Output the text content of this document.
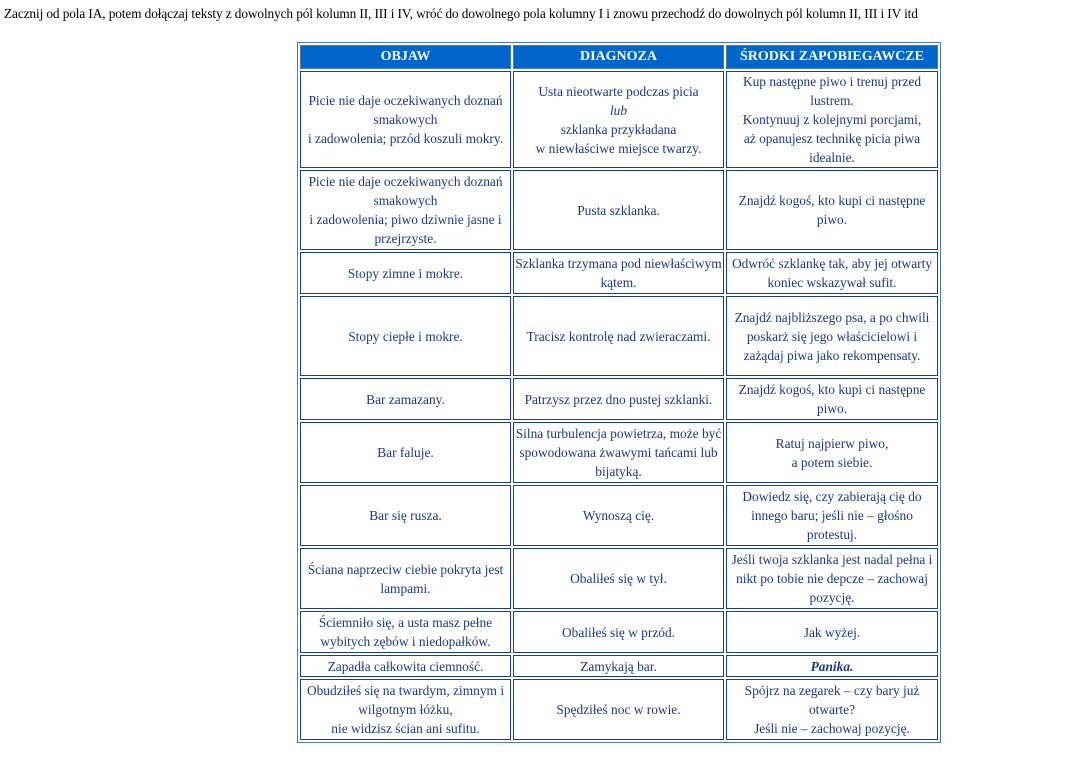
Zacznij od pola IA, potem dołączaj teksty z dowolnych pól kolumn II, III i IV, wróć do dowolnego pola kolumny I i znowu przechodź do dowolnych pól kolumn II, III i IV itd
OBJAW	DIAGNOZA	ŚRODKI ZAPOBIEGAWCZE

Picie nie daje oczekiwanych doznań smakowych
i zadowolenia; przód koszuli mokry.	Usta nieotwarte podczas picia
lub
szklanka przykładana
w niewłaściwe miejsce twarzy.	Kup następne piwo i trenuj przed lustrem.
Kontynuuj z kolejnymi porcjami,
aż opanujesz technikę picia piwa idealnie.

Picie nie daje oczekiwanych doznań smakowych
i zadowolenia; piwo dziwnie jasne i przejrzyste.	Pusta szklanka.	Znajdź kogoś, kto kupi ci następne piwo.
Stopy zimne i mokre.	Szklanka trzymana pod niewłaściwym kątem.	Odwróć szklankę tak, aby jej otwarty koniec wskazywał sufit.
Stopy ciepłe i mokre.	Tracisz kontrolę nad zwieraczami.	Znajdź najbliższego psa, a po chwili poskarż się jego właścicielowi i zażądaj piwa jako rekompensaty.
Bar zamazany.	Patrzysz przez dno pustej szklanki.	Znajdź kogoś, kto kupi ci następne piwo.
Bar faluje.	Silna turbulencja powietrza, może być spowodowana żwawymi tańcami lub bijatyką.	Ratuj najpierw piwo,
a potem siebie.

Bar się rusza.	Wynoszą cię.	Dowiedz się, czy zabierają cię do innego baru; jeśli nie – głośno protestuj.
Ściana naprzeciw ciebie pokryta jest lampami.	Obaliłeś się w tył.	Jeśli twoja szklanka jest nadal pełna i nikt po tobie nie depcze – zachowaj pozycję.
Ściemniło się, a usta masz pełne wybitych zębów i niedopałków.	Obaliłeś się w przód.	Jak wyżej.
Zapadła całkowita ciemność.	Zamykają bar.	Panika.

Obudziłeś się na twardym, zimnym i wilgotnym łóżku,
nie widzisz ścian ani sufitu.	Spędziłeś noc w rowie.	Spójrz na zegarek – czy bary już otwarte?
Jeśli nie – zachowaj pozycję.
